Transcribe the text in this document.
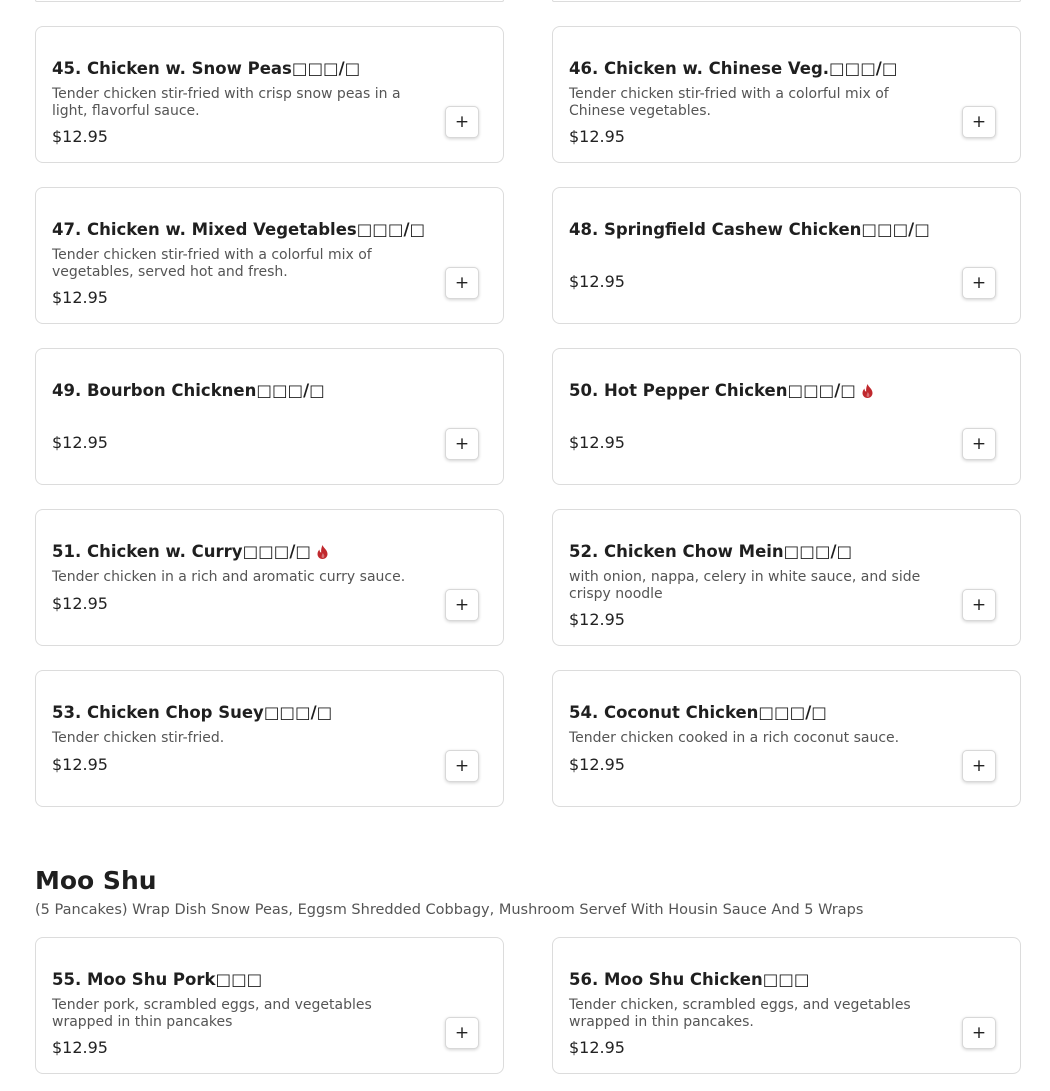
45. Chicken w. Snow Peas □□□/□
Tender chicken stir-fried with crisp snow peas in a light, flavorful sauce.
$12.95
+
46. Chicken w. Chinese Veg. □□□/□
Tender chicken stir-fried with a colorful mix of Chinese vegetables.
$12.95
+
47. Chicken w. Mixed Vegetables □□□/□
Tender chicken stir-fried with a colorful mix of vegetables, served hot and fresh.
$12.95
+
48. Springfield Cashew Chicken □□□/□
$12.95	+
49. Bourbon Chicknen □□□/□
$12.95	+
50. Hot Pepper Chicken □□□/□
$12.95	+
51. Chicken w. Curry □□□/□
Tender chicken in a rich and aromatic curry sauce.
$12.95	+
52. Chicken Chow Mein □□□/□
with onion, nappa, celery in white sauce, and side crispy noodle
$12.95
+
53. Chicken Chop Suey □□□/□
Tender chicken stir-fried.
$12.95	+
54. Coconut Chicken □□□/□
Tender chicken cooked in a rich coconut sauce.
$12.95	+
55. Moo Shu Pork □□□
Tender pork, scrambled eggs, and vegetables wrapped in thin pancakes
$12.95
+
56. Moo Shu Chicken □□□
Tender chicken, scrambled eggs, and vegetables wrapped in thin pancakes.
$12.95
+
Moo Shu
(5 Pancakes) Wrap Dish Snow Peas, Eggsm Shredded Cobbagy, Mushroom Servef With Housin Sauce And 5 Wraps
